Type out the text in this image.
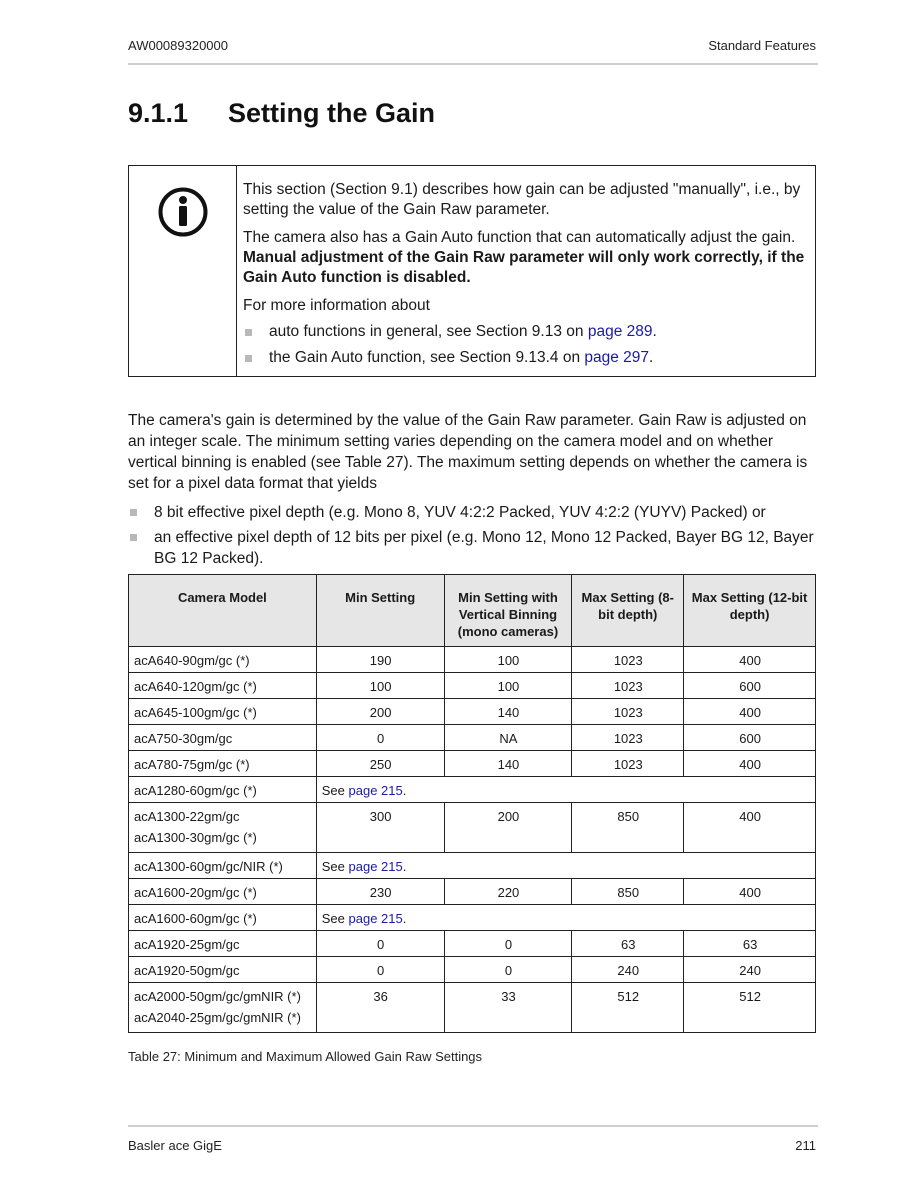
AW00089320000	Standard Features
9.1.1	Setting the Gain

This section (Section 9.1) describes how gain can be adjusted "manually", i.e., by setting the value of the Gain Raw parameter.

The camera also has a Gain Auto function that can automatically adjust the gain. Manual adjustment of the Gain Raw parameter will only work correctly, if the Gain Auto function is disabled.

For more information about

auto functions in general, see Section 9.13 on page 289.
the Gain Auto function, see Section 9.13.4 on page 297.

The camera's gain is determined by the value of the Gain Raw parameter. Gain Raw is adjusted on an integer scale. The minimum setting varies depending on the camera model and on whether vertical binning is enabled (see Table 27). The maximum setting depends on whether the camera is set for a pixel data format that yields

8 bit effective pixel depth (e.g. Mono 8, YUV 4:2:2 Packed, YUV 4:2:2 (YUYV) Packed) or
an effective pixel depth of 12 bits per pixel (e.g. Mono 12, Mono 12 Packed, Bayer BG 12, Bayer BG 12 Packed).
Camera Model	Min Setting	Min Setting with Vertical Binning (mono cameras)	Max Setting (8-bit depth)	Max Setting (12-bit depth)
acA640-90gm/gc (*)	190	100	1023	400
acA640-120gm/gc (*)	100	100	1023	600
acA645-100gm/gc (*)	200	140	1023	400
acA750-30gm/gc	0	NA	1023	600
acA780-75gm/gc (*)	250	140	1023	400
acA1280-60gm/gc (*)	See page 215.			
acA1300-22gm/gc
acA1300-30gm/gc (*)	300	200	850	400
acA1300-60gm/gc/NIR (*)	See page 215.			
acA1600-20gm/gc (*)	230	220	850	400
acA1600-60gm/gc (*)	See page 215.			
acA1920-25gm/gc	0	0	63	63
acA1920-50gm/gc	0	0	240	240
acA2000-50gm/gc/gmNIR (*)
acA2040-25gm/gc/gmNIR (*)	36	33	512	512
Table 27: Minimum and Maximum Allowed Gain Raw Settings
Basler ace GigE	211
